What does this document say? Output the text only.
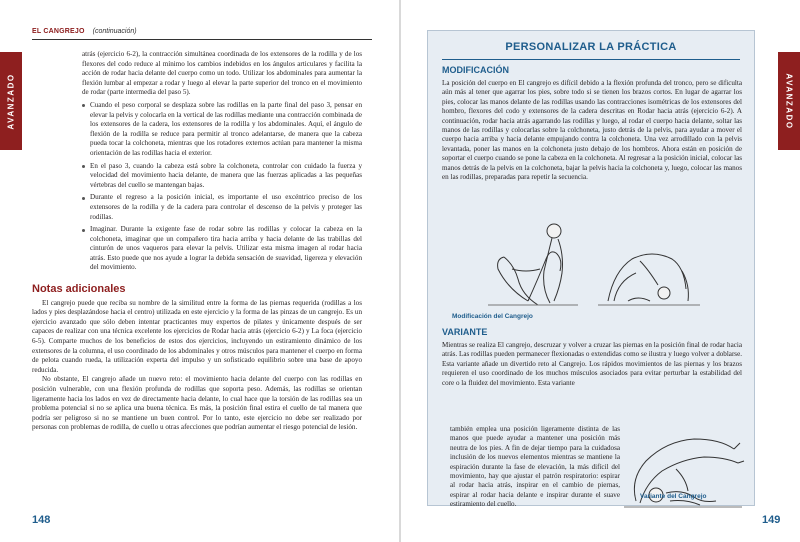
EL CANGREJO (continuación)
AVANZADO

atrás (ejercicio 6-2), la contracción simultánea coordinada de los extensores de la rodilla y de los flexores del codo reduce al mínimo los cambios indebidos en los ángulos articulares y facilita la acción de rodar hacia delante del cuerpo como un todo. Utilizar los abdominales para aumentar la flexión lumbar al empezar a rodar y luego al elevar la parte superior del tronco en el movimiento de rodar (parte intermedia del paso 5).

Cuando el peso corporal se desplaza sobre las rodillas en la parte final del paso 3, pensar en elevar la pelvis y colocarla en la vertical de las rodillas mediante una contracción combinada de los extensores de la cadera, los extensores de la rodilla y los abdominales. Aquí, el ángulo de flexión de la rodilla se reduce para permitir al tronco adelantarse, de manera que la cabeza pueda tocar la colchoneta, mientras que los rotadores externos actúan para mantener la misma orientación de las rodillas hacia el exterior.
En el paso 3, cuando la cabeza está sobre la colchoneta, controlar con cuidado la fuerza y velocidad del movimiento hacia delante, de manera que las fuerzas aplicadas a las pequeñas vértebras del cuello se mantengan bajas.
Durante el regreso a la posición inicial, es importante el uso excéntrico preciso de los extensores de la rodilla y de la cadera para controlar el descenso de la pelvis y proteger las rodillas.
Imaginar. Durante la exigente fase de rodar sobre las rodillas y colocar la cabeza en la colchoneta, imaginar que un compañero tira hacia arriba y hacia delante de las trabillas del cinturón de unos vaqueros para elevar la pelvis. Utilizar esta misma imagen al rodar hacia atrás. Esto puede que nos ayude a lograr la debida sensación de suavidad, ligereza y elevación del movimiento.
Notas adicionales

El cangrejo puede que reciba su nombre de la similitud entre la forma de las piernas requerida (rodillas a los lados y pies desplazándose hacia el centro) utilizada en este ejercicio y la forma de las pinzas de un cangrejo. Es un ejercicio avanzado que sólo deben intentar practicantes muy expertos de pilates y únicamente después de ser capaces de realizar con una técnica excelente los ejercicios de Rodar hacia atrás (ejercicio 6-2) y La foca (ejercicio 6-5). Comparte muchos de los beneficios de estos dos ejercicios, incluyendo un estiramiento dinámico de los extensores de la columna, el uso coordinado de los abdominales y otros músculos para mantener el cuerpo en forma de pelota cuando rueda, la utilización experta del impulso y un sofisticado equilibrio sobre una base de apoyo reducida.

No obstante, El cangrejo añade un nuevo reto: el movimiento hacia delante del cuerpo con las rodillas en posición vulnerable, con una flexión profunda de rodillas que soporta peso. Además, las rodillas se orientan ligeramente hacia los lados en vez de directamente hacia delante, lo cual hace que la torsión de las rodillas sea un problema potencial si no se aplica una buena técnica. Es más, la posición final estira el cuello de tal manera que podría ser peligroso si no se mantiene un buen control. Por lo tanto, este ejercicio no debe ser realizado por personas con problemas de rodilla, de cuello u otras afecciones que podrían aumentar el riesgo potencial de lesión.

148
AVANZADO
PERSONALIZAR LA PRÁCTICA
MODIFICACIÓN

La posición del cuerpo en El cangrejo es difícil debido a la flexión profunda del tronco, pero se dificulta aún más al tener que agarrar los pies, sobre todo si se tienen los brazos cortos. En lugar de agarrar los pies, colocar las manos delante de las rodillas usando las contracciones isométricas de los extensores del hombro, flexores del codo y extensores de la cadera descritas en Rodar hacia atrás (ejercicio 6-2). A continuación, rodar hacia atrás agarrando las rodillas y luego, al rodar el cuerpo hacia delante, soltar las manos de las rodillas y colocarlas sobre la colchoneta, justo detrás de la pelvis, para ayudar a mover el cuerpo hacia arriba y hacia delante empujando contra la colchoneta. Una vez arrodillado con la pelvis levantada, poner las manos en la colchoneta justo debajo de los hombros. Ahora están en posición de soportar el cuerpo cuando se pone la cabeza en la colchoneta. Al regresar a la posición inicial, colocar las manos detrás de la pelvis en la colchoneta, bajar la pelvis hacia la colchoneta y, luego, colocar las manos en las rodillas, preparadas para repetir la secuencia.

Modificación del Cangrejo
VARIANTE

Mientras se realiza El cangrejo, descruzar y volver a cruzar las piernas en la posición final de rodar hacia atrás. Las rodillas pueden permanecer flexionadas o extendidas como se ilustra y luego volver a doblarse. Esta variante añade un divertido reto al Cangrejo. Los rápidos movimientos de las piernas y los brazos requieren el uso coordinado de los muchos músculos asociados para evitar perturbar la estabilidad del core o la fluidez del movimiento. Esta variante

también emplea una posición ligeramente distinta de las manos que puede ayudar a mantener una posición más neutra de los pies. A fin de dejar tiempo para la cuidadosa inclusión de los nuevos elementos mientras se mantiene la espiración durante la fase de elevación, la más difícil del movimiento, hay que ajustar el patrón respiratorio: espirar al rodar hacia atrás, inspirar en el cambio de piernas, espirar al rodar hacia delante e inspirar durante el suave estiramiento del cuello.

Variante del Cangrejo
149
